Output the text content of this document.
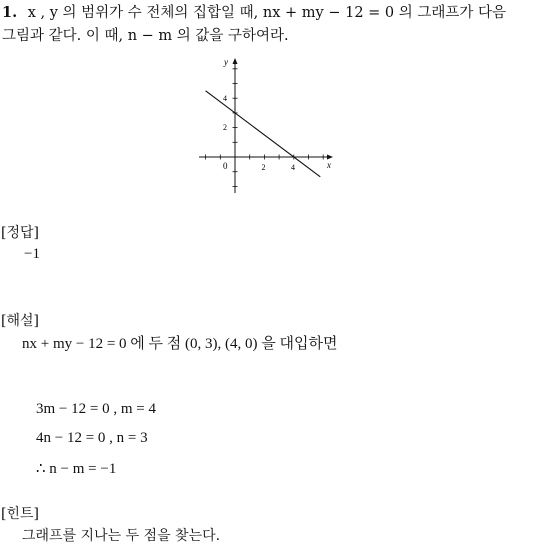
1. x , y 의 범위가 수 전체의 집합일 때, nx + my − 12 = 0 의 그래프가 다음
그림과 같다. 이 때, n − m 의 값을 구하여라.
y
x
0	2	4
2
4
[정답]
−1
[해설]
nx + my − 12 = 0 에 두 점 (0, 3), (4, 0) 을 대입하면
3m − 12 = 0 , m = 4
4n − 12 = 0 , n = 3
∴ n − m = −1
[힌트]
그래프를 지나는 두 점을 찾는다.
